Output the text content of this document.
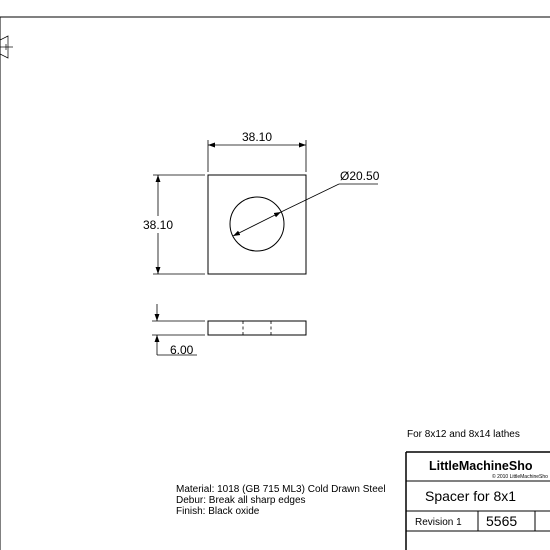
38.10
38.10
Ø20.50
6.00
For 8x12 and 8x14 lathes
Material: 1018 (GB 715 ML3) Cold Drawn Steel
Debur: Break all sharp edges
Finish: Black oxide
LittleMachineSho
© 2010 LittleMachineSho
Spacer for 8x1
Revision 1 5565
